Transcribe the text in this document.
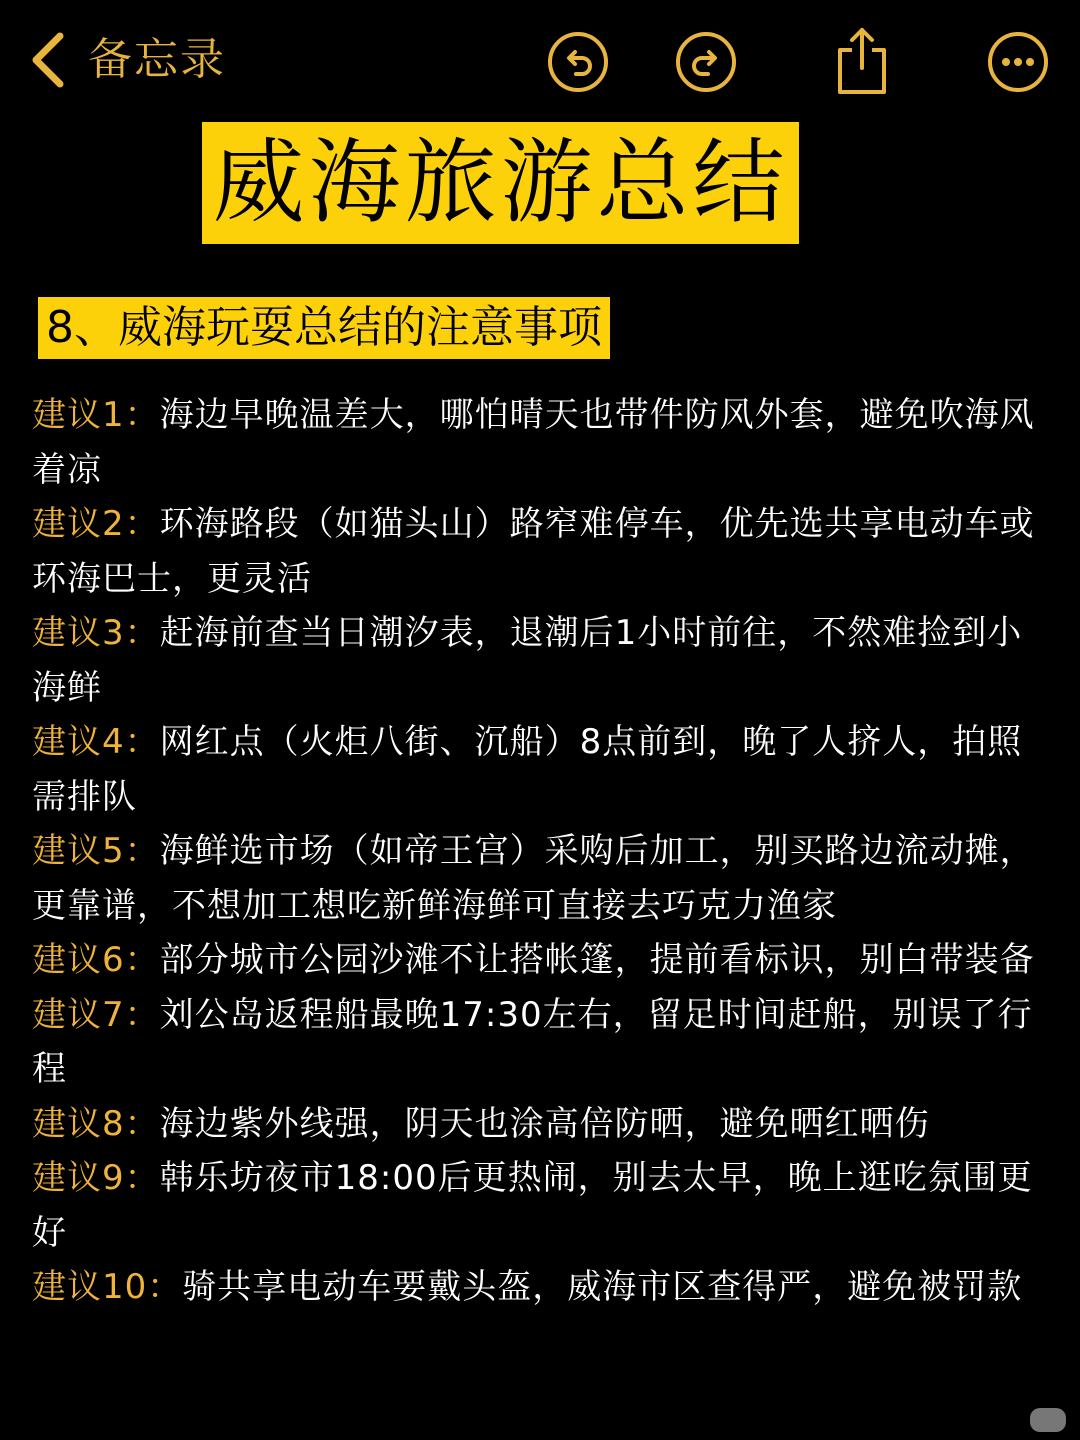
备忘录
威海旅游总结
8、威海玩耍总结的注意事项
建议1：海边早晚温差大，哪怕晴天也带件防风外套，避免吹海风着凉
建议2：环海路段（如猫头山）路窄难停车，优先选共享电动车或环海巴士，更灵活
建议3：赶海前查当日潮汐表，退潮后1小时前往，不然难捡到小海鲜
建议4：网红点（火炬八街、沉船）8点前到，晚了人挤人，拍照需排队
建议5：海鲜选市场（如帝王宫）采购后加工，别买路边流动摊，更靠谱，不想加工想吃新鲜海鲜可直接去巧克力渔家
建议6：部分城市公园沙滩不让搭帐篷，提前看标识，别白带装备
建议7：刘公岛返程船最晚17:30左右，留足时间赶船，别误了行程
建议8：海边紫外线强，阴天也涂高倍防晒，避免晒红晒伤
建议9：韩乐坊夜市18:00后更热闹，别去太早，晚上逛吃氛围更好
建议10：骑共享电动车要戴头盔，威海市区查得严，避免被罚款
